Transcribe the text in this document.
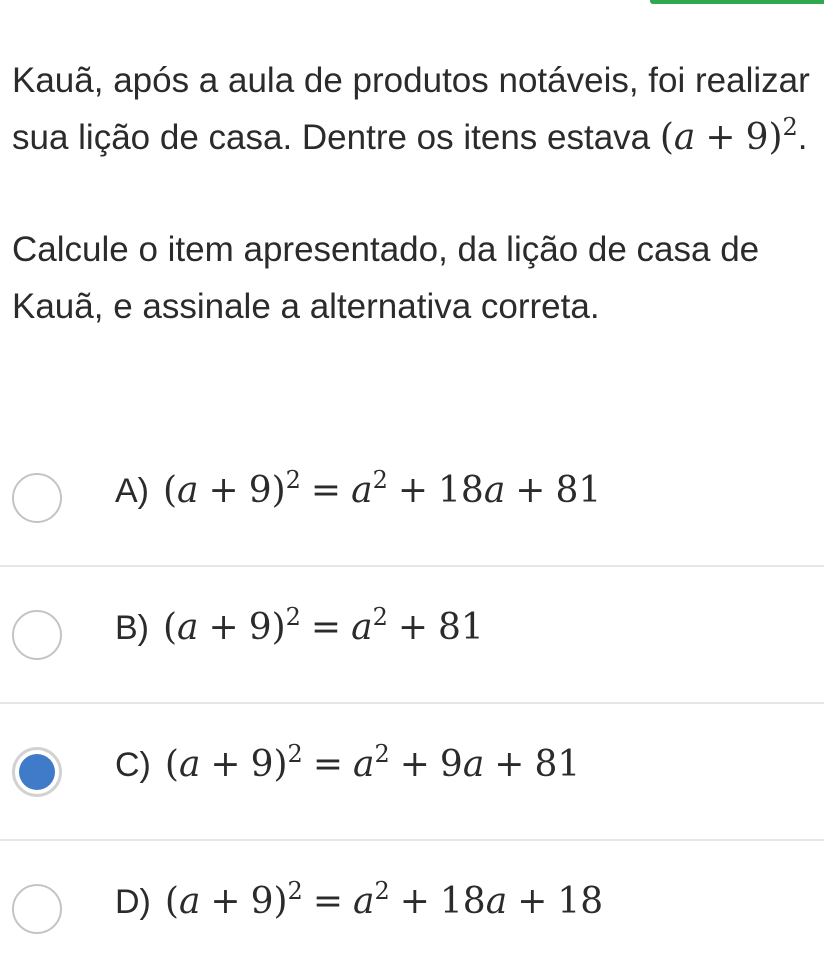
Kauã, após a aula de produtos notáveis, foi realizar sua lição de casa. Dentre os itens estava $(a + 9)^2$.

Calcule o item apresentado, da lição de casa de Kauã, e assinale a alternativa correta.

A) $(a + 9)^2 = a^2 + 18a + 81$
B) $(a + 9)^2 = a^2 + 81$
C) $(a + 9)^2 = a^2 + 9a + 81$
D) $(a + 9)^2 = a^2 + 18a + 18$
